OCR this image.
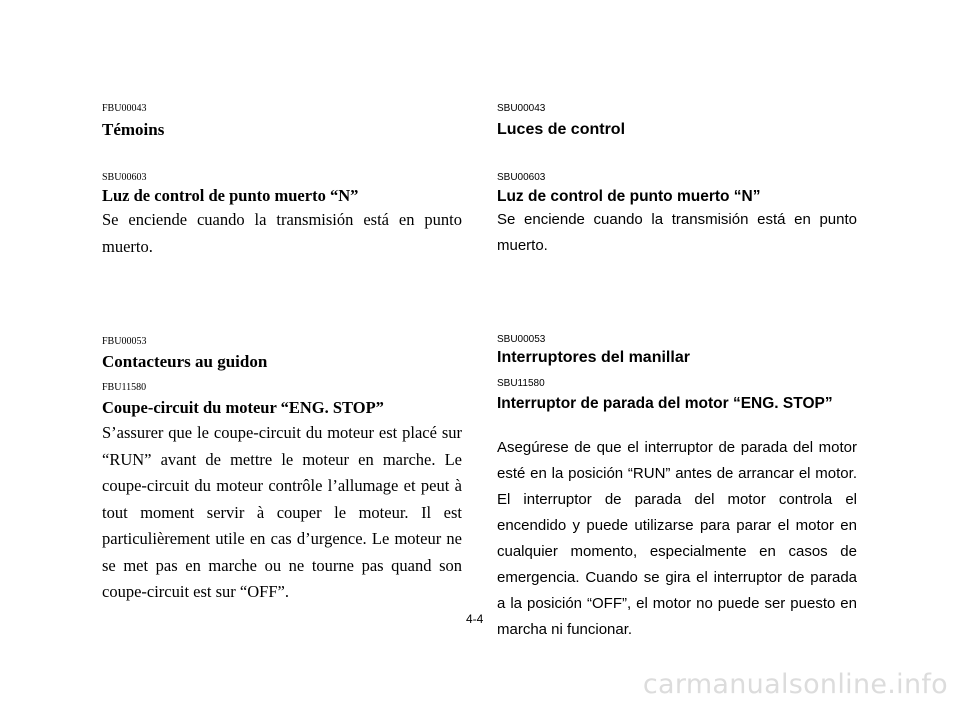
FBU00043
Témoins
SBU00603
Luz de control de punto muerto “N”

Se enciende cuando la transmisión está en punto muerto.

FBU00053
Contacteurs au guidon
FBU11580
Coupe-circuit du moteur “ENG. STOP”

S’assurer que le coupe-circuit du moteur est placé sur “RUN” avant de mettre le moteur en marche. Le coupe-circuit du moteur contrôle l’allumage et peut à tout moment servir à couper le moteur. Il est particulièrement utile en cas d’urgence. Le moteur ne se met pas en marche ou ne tourne pas quand son coupe-circuit est sur “OFF”.

SBU00043
Luces de control
SBU00603
Luz de control de punto muerto “N”

Se enciende cuando la transmisión está en punto muerto.

SBU00053
Interruptores del manillar
SBU11580

Interruptor de parada del motor “ENG. STOP”

Asegúrese de que el interruptor de parada del motor esté en la posición “RUN” antes de arrancar el motor. El interruptor de parada del motor controla el encendido y puede utilizarse para parar el motor en cualquier momento, especialmente en casos de emergencia. Cuando se gira el interruptor de parada a la posición “OFF”, el motor no puede ser puesto en marcha ni funcionar.

4-4
carmanualsonline.info
